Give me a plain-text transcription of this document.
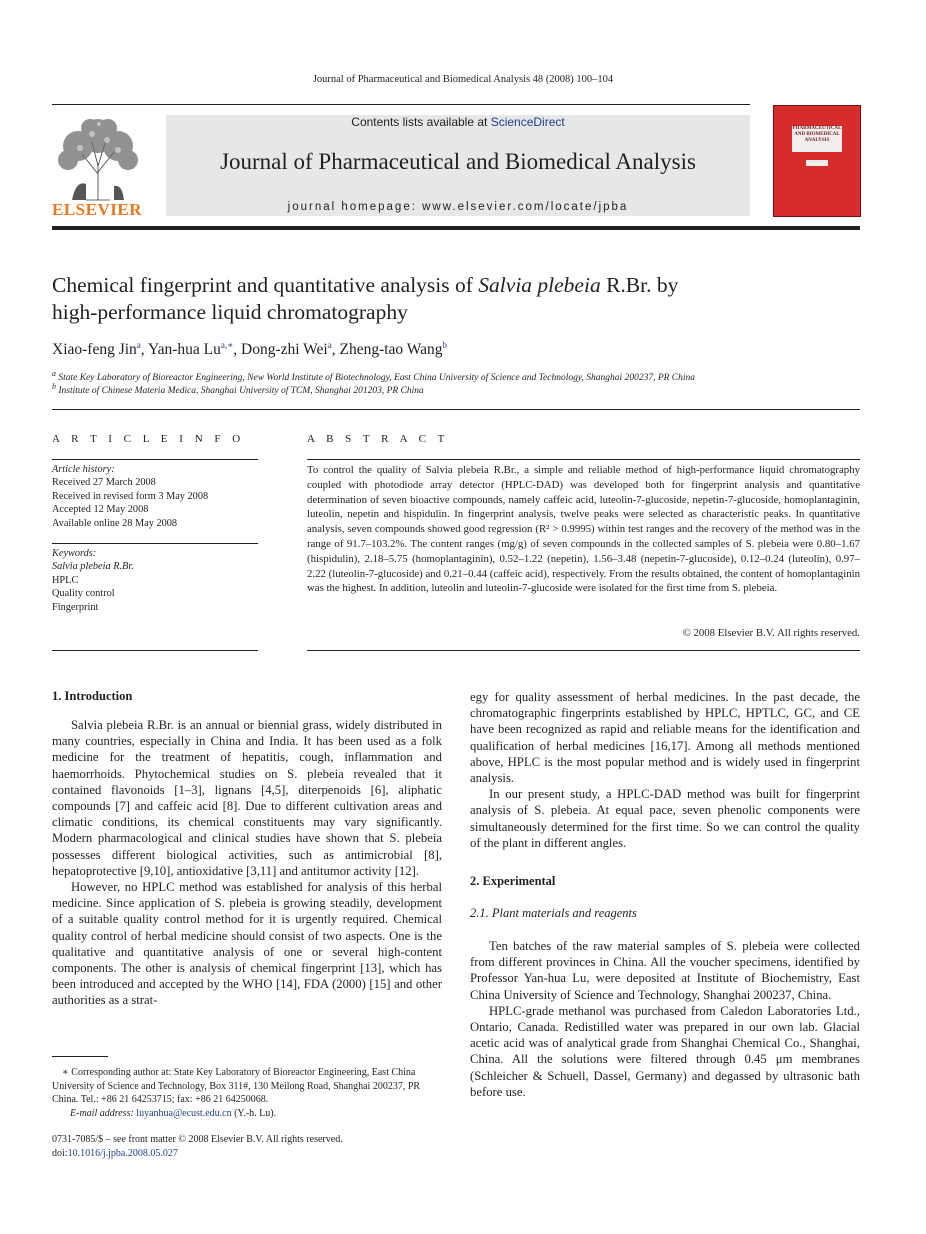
Journal of Pharmaceutical and Biomedical Analysis 48 (2008) 100–104
ELSEVIER
Contents lists available at ScienceDirect
Journal of Pharmaceutical and Biomedical Analysis
journal homepage: www.elsevier.com/locate/jpba
PHARMACEUTICAL AND BIOMEDICAL ANALYSIS
Chemical fingerprint and quantitative analysis of Salvia plebeia R.Br. by
high-performance liquid chromatography
Xiao-feng Jin$^a$, Yan-hua $Lu^{a,∗}$, Dong-zhi Wei$^a$, Zheng-tao Wang$^b$
$^a$ State Key Laboratory of Bioreactor Engineering, New World Institute of Biotechnology, East China University of Science and Technology, Shanghai 200237, PR China
$^b$ Institute of Chinese Materia Medica, Shanghai University of TCM, Shanghai 201203, PR China
A R T I C L E I N F O
Article history:
Received 27 March 2008
Received in revised form 3 May 2008
Accepted 12 May 2008
Available online 28 May 2008
Keywords:
Salvia plebeia R.Br.
HPLC
Quality control
Fingerprint
A B S T R A C T
To control the quality of Salvia plebeia R.Br., a simple and reliable method of high-performance liquid chromatography coupled with photodiode array detector (HPLC-DAD) was developed both for fingerprint analysis and quantitative determination of seven bioactive compounds, namely caffeic acid, luteolin-7-glucoside, nepetin-7-glucoside, homoplantaginin, luteolin, nepetin and hispidulin. In fingerprint analysis, twelve peaks were selected as characteristic peaks. In quantitative analysis, seven compounds showed good regression (R² > 0.9995) within test ranges and the recovery of the method was in the range of 91.7–103.2%. The content ranges (mg/g) of seven compounds in the collected samples of S. plebeia were 0.80–1.67 (hispidulin), 2.18–5.75 (homoplantaginin), 0.52–1.22 (nepetin), 1.56–3.48 (nepetin-7-glucoside), 0.12–0.24 (luteolin), 0.97–2.22 (luteolin-7-glucoside) and 0.21–0.44 (caffeic acid), respectively. From the results obtained, the content of homoplantaginin was the highest. In addition, luteolin and luteolin-7-glucoside were isolated for the first time from S. plebeia.
© 2008 Elsevier B.V. All rights reserved.
1. Introduction

Salvia plebeia R.Br. is an annual or biennial grass, widely distributed in many countries, especially in China and India. It has been used as a folk medicine for the treatment of hepatitis, cough, inflammation and haemorrhoids. Phytochemical studies on S. plebeia revealed that it contained flavonoids [1–3], lignans [4,5], diterpenoids [6], aliphatic compounds [7] and caffeic acid [8]. Due to different cultivation areas and climatic conditions, its chemical constituents may vary significantly. Modern pharmacological and clinical studies have shown that S. plebeia possesses different biological activities, such as antimicrobial [8], hepatoprotective [9,10], antioxidative [3,11] and antitumor activity [12].

However, no HPLC method was established for analysis of this herbal medicine. Since application of S. plebeia is growing steadily, development of a suitable quality control method for it is urgently required. Chemical quality control of herbal medicine should consist of two aspects. One is the qualitative and quantitative analysis of one or several high-content components. The other is analysis of chemical fingerprint [13], which has been introduced and accepted by the WHO [14], FDA (2000) [15] and other authorities as a strat-

∗ Corresponding author at: State Key Laboratory of Bioreactor Engineering, East China University of Science and Technology, Box 311#, 130 Meilong Road, Shanghai 200237, PR China. Tel.: +86 21 64253715; fax: +86 21 64250068.

E-mail address: luyanhua@ecust.edu.cn (Y.-h. Lu).

0731-7085/$ – see front matter © 2008 Elsevier B.V. All rights reserved.
doi:10.1016/j.jpba.2008.05.027

egy for quality assessment of herbal medicines. In the past decade, the chromatographic fingerprints established by HPLC, HPTLC, GC, and CE have been recognized as rapid and reliable means for the identification and qualification of herbal medicines [16,17]. Among all methods mentioned above, HPLC is the most popular method and is widely used in fingerprint analysis.

In our present study, a HPLC-DAD method was built for fingerprint analysis of S. plebeia. At equal pace, seven phenolic components were simultaneously determined for the first time. So we can control the quality of the plant in different angles.

2. Experimental
2.1. Plant materials and reagents

Ten batches of the raw material samples of S. plebeia were collected from different provinces in China. All the voucher specimens, identified by Professor Yan-hua Lu, were deposited at Institute of Biochemistry, East China University of Science and Technology, Shanghai 200237, China.

HPLC-grade methanol was purchased from Caledon Laboratories Ltd., Ontario, Canada. Redistilled water was prepared in our own lab. Glacial acetic acid was of analytical grade from Shanghai Chemical Co., Shanghai, China. All the solutions were filtered through 0.45 μm membranes (Schleicher & Schuell, Dassel, Germany) and degassed by ultrasonic bath before use.
